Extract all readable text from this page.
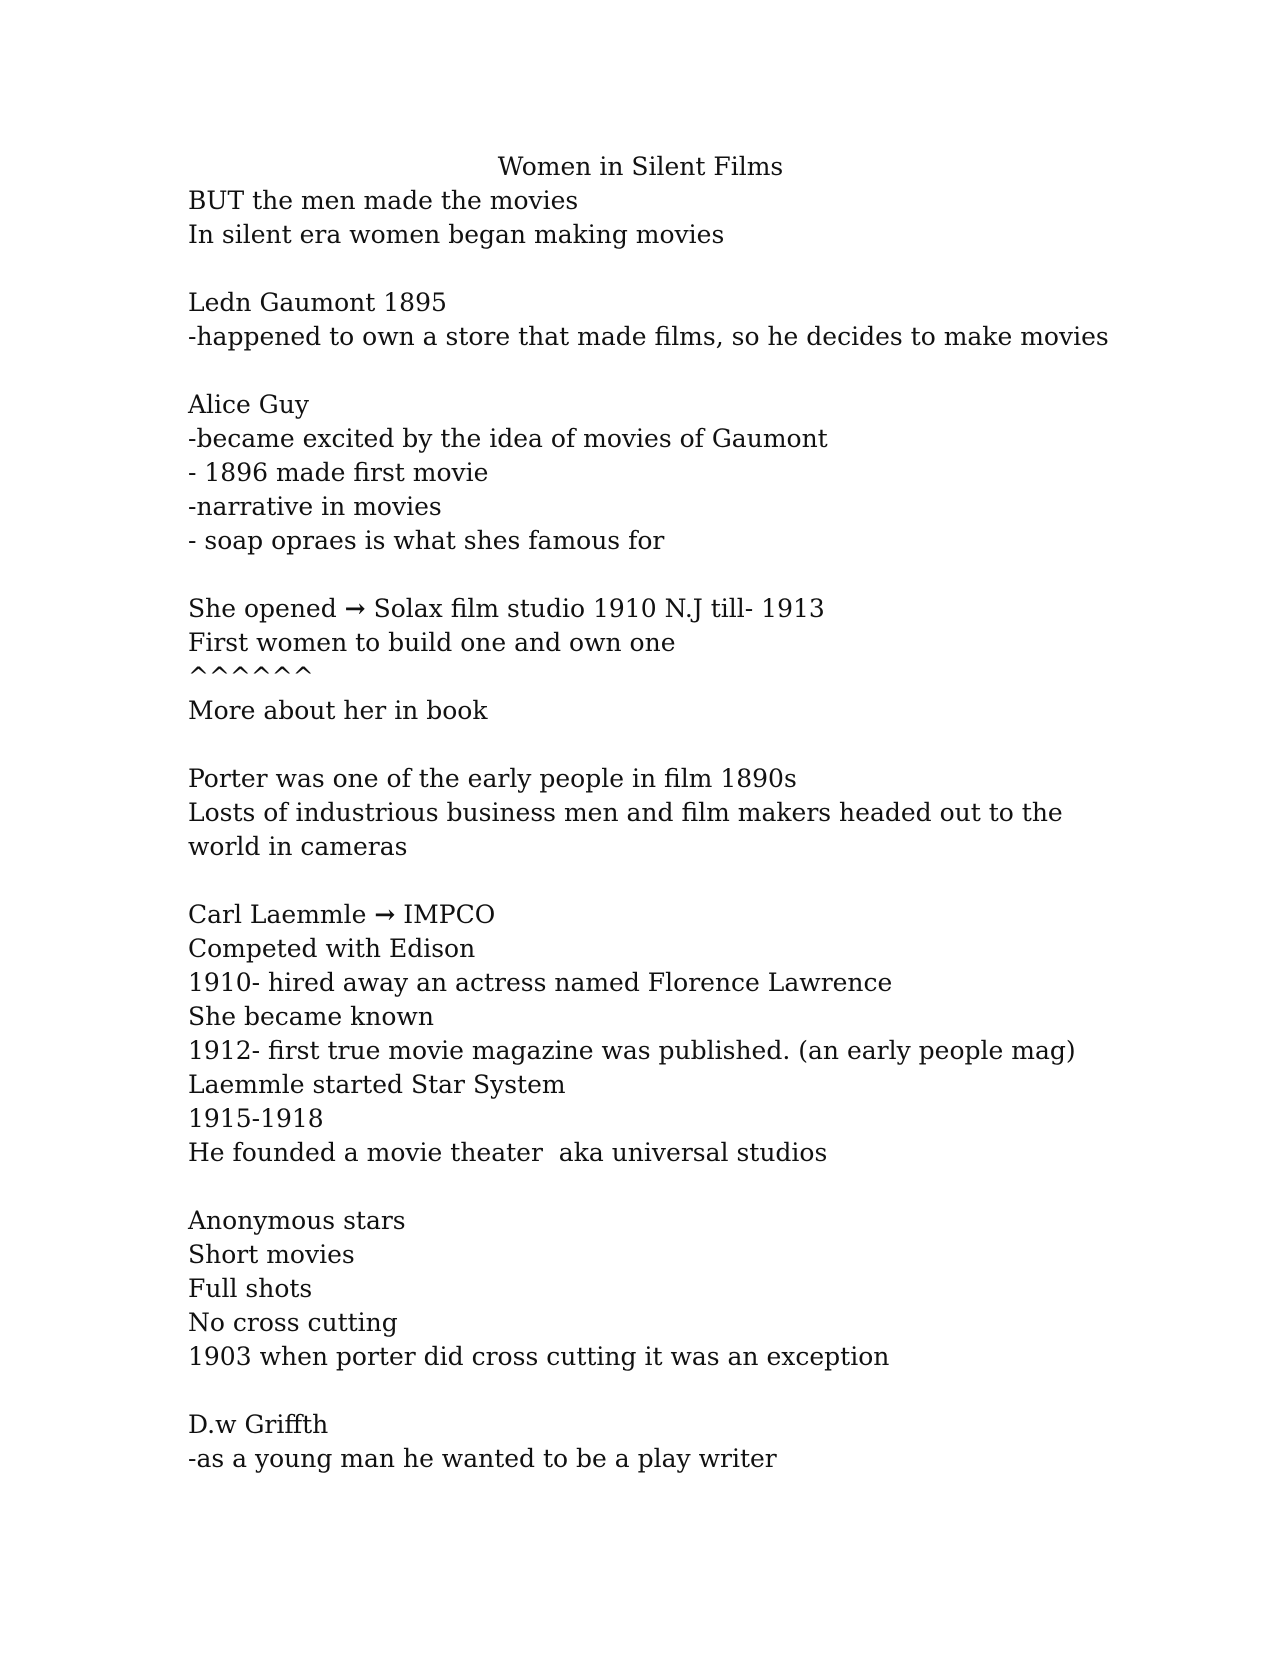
Women in Silent Films

BUT the men made the movies

In silent era women began making movies

Ledn Gaumont 1895

-happened to own a store that made films, so he decides to make movies

Alice Guy

-became excited by the idea of movies of Gaumont

- 1896 made first movie

-narrative in movies

- soap opraes is what shes famous for

She opened → Solax film studio 1910 N.J till- 1913

First women to build one and own one

^^^^^^

More about her in book

Porter was one of the early people in film 1890s

Losts of industrious business men and film makers headed out to the

world in cameras

Carl Laemmle → IMPCO

Competed with Edison

1910- hired away an actress named Florence Lawrence

She became known

1912- first true movie magazine was published. (an early people mag)

Laemmle started Star System

1915-1918

He founded a movie theater  aka universal studios

Anonymous stars

Short movies

Full shots

No cross cutting

1903 when porter did cross cutting it was an exception

D.w Griffth

-as a young man he wanted to be a play writer
